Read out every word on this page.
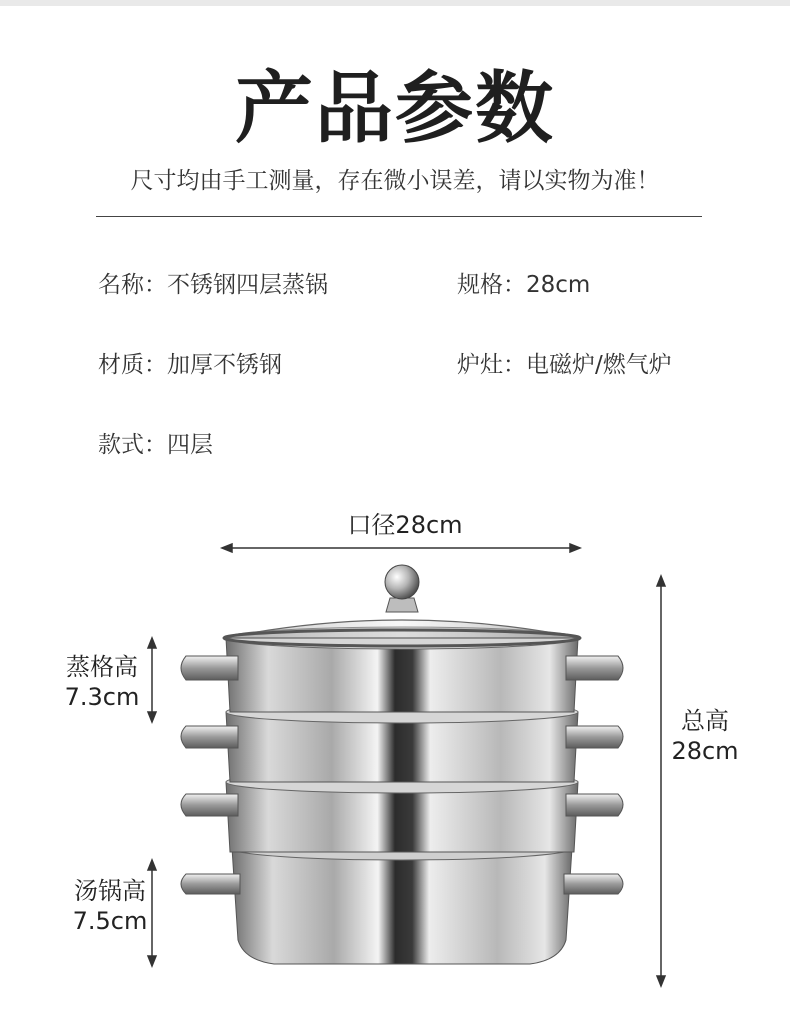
产品参数
尺寸均由手工测量，存在微小误差，请以实物为准！
名称：不锈钢四层蒸锅	规格：28cm
材质：加厚不锈钢	炉灶：电磁炉/燃气炉
款式：四层
口径28cm
蒸格高
7.3cm
汤锅高
7.5cm
总高
28cm
